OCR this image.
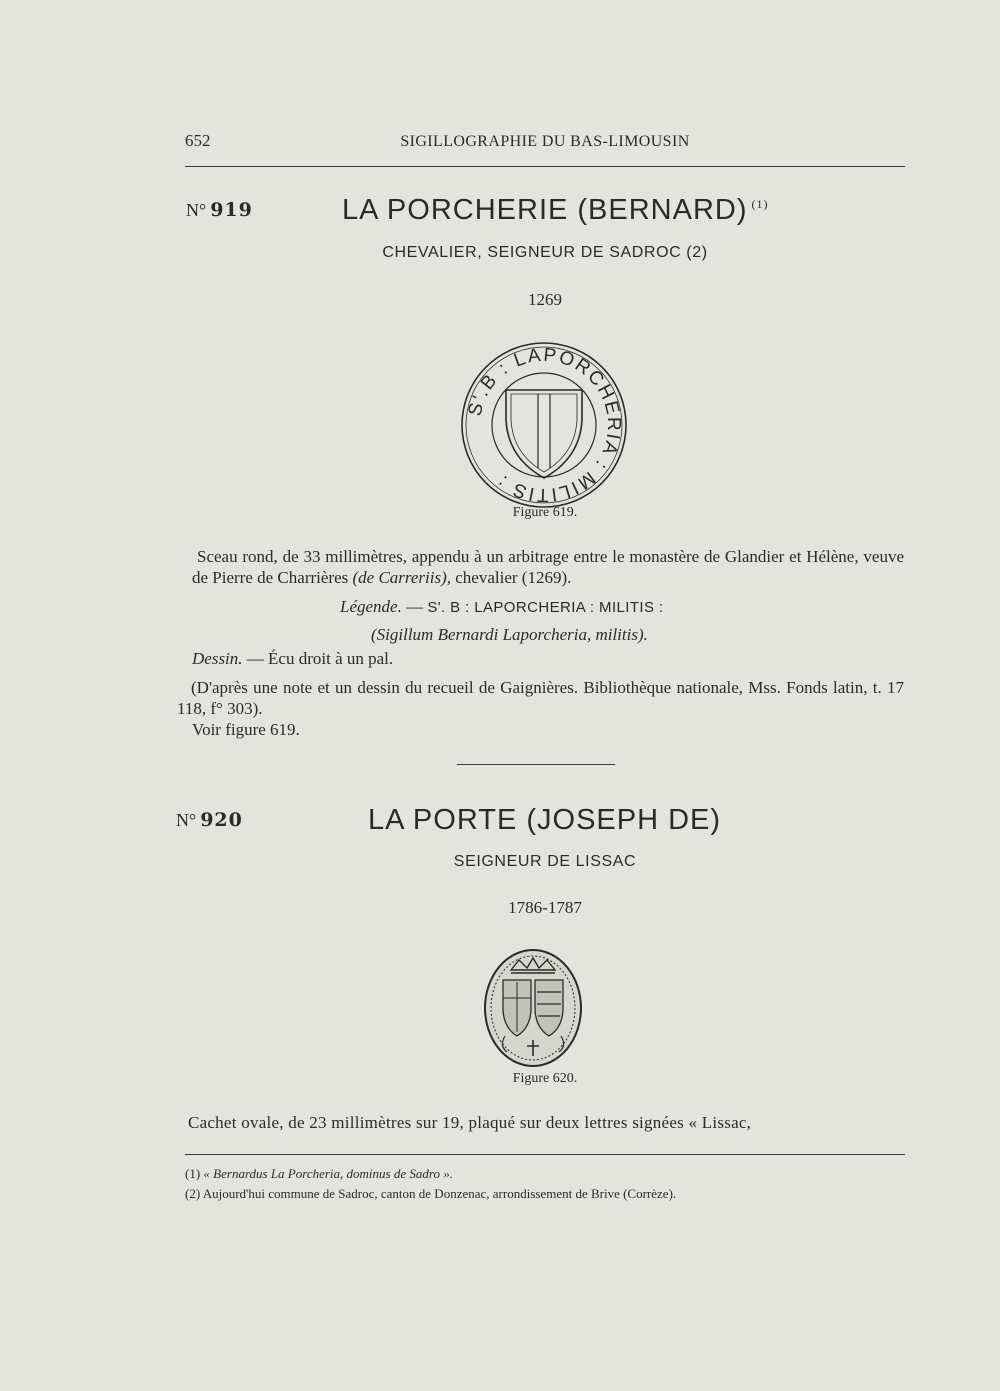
652	SIGILLOGRAPHIE DU BAS-LIMOUSIN
N° 919	LA PORCHERIE (BERNARD) $^{(1)}$
CHEVALIER, SEIGNEUR DE SADROC (2)
1269
S'.B : LAPORCHERIA : MILITIS :
Figure 619.
Sceau rond, de 33 millimètres, appendu à un arbitrage entre le monastère de Glandier et Hélène, veuve de Pierre de Charrières (de Carreriis), chevalier (1269).
Légende. — S'. B : LAPORCHERIA : MILITIS :
(Sigillum Bernardi Laporcheria, militis).
Dessin. — Écu droit à un pal.
(D'après une note et un dessin du recueil de Gaignières. Bibliothèque nationale, Mss. Fonds latin, t. 17 118, f° 303).
Voir figure 619.
N° 920	LA PORTE (JOSEPH DE)
SEIGNEUR DE LISSAC
1786-1787
Figure 620.
Cachet ovale, de 23 millimètres sur 19, plaqué sur deux lettres signées « Lissac,
(1) « Bernardus La Porcheria, dominus de Sadro ».
(2) Aujourd'hui commune de Sadroc, canton de Donzenac, arrondissement de Brive (Corrèze).
